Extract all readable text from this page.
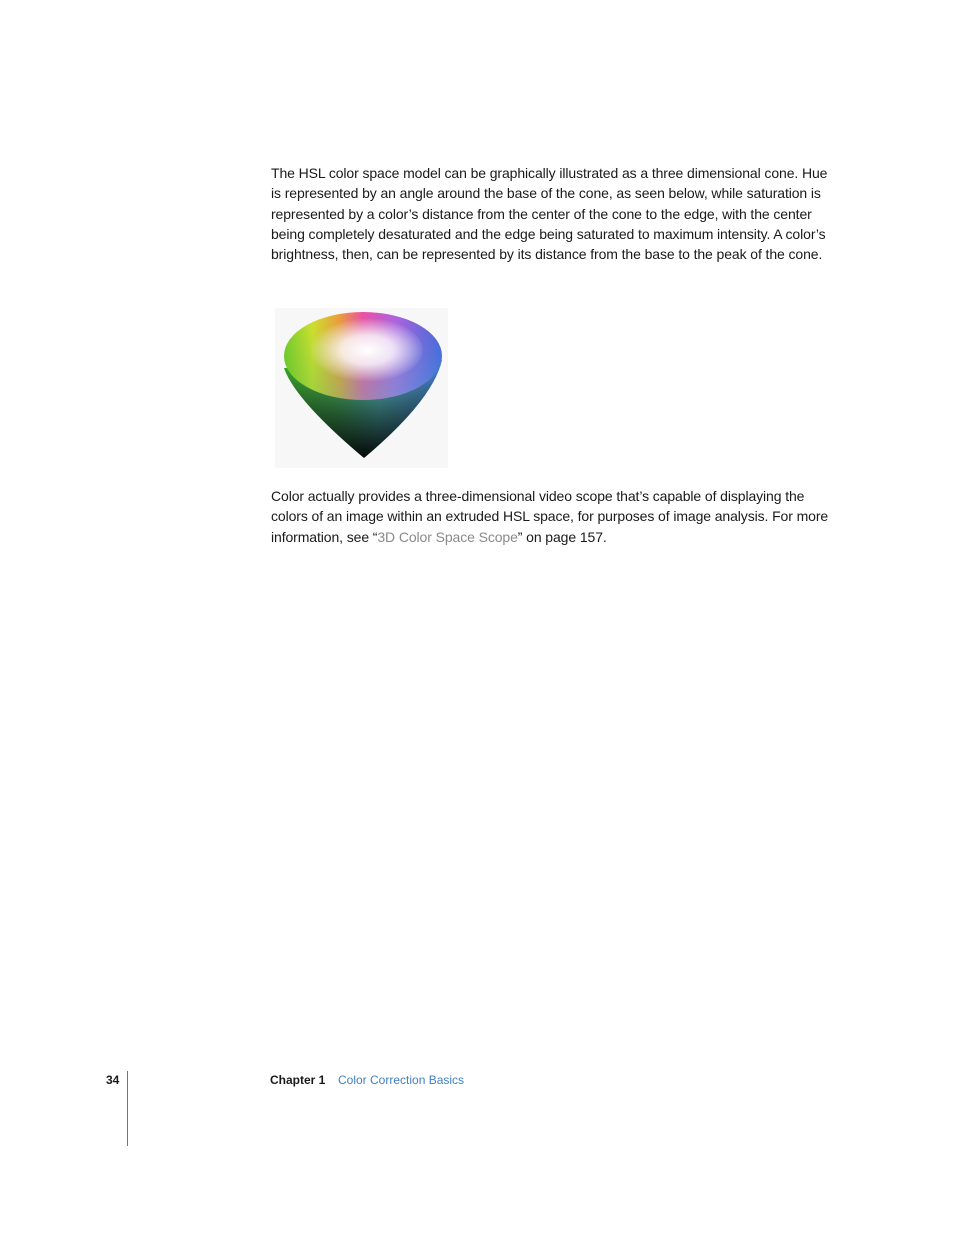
The HSL color space model can be graphically illustrated as a three dimensional cone. Hue is represented by an angle around the base of the cone, as seen below, while saturation is represented by a color’s distance from the center of the cone to the edge, with the center being completely desaturated and the edge being saturated to maximum intensity. A color’s brightness, then, can be represented by its distance from the base to the peak of the cone.

Color actually provides a three-dimensional video scope that’s capable of displaying the colors of an image within an extruded HSL space, for purposes of image analysis. For more information, see “3D Color Space Scope” on page 157.

34	Chapter 1 Color Correction Basics
